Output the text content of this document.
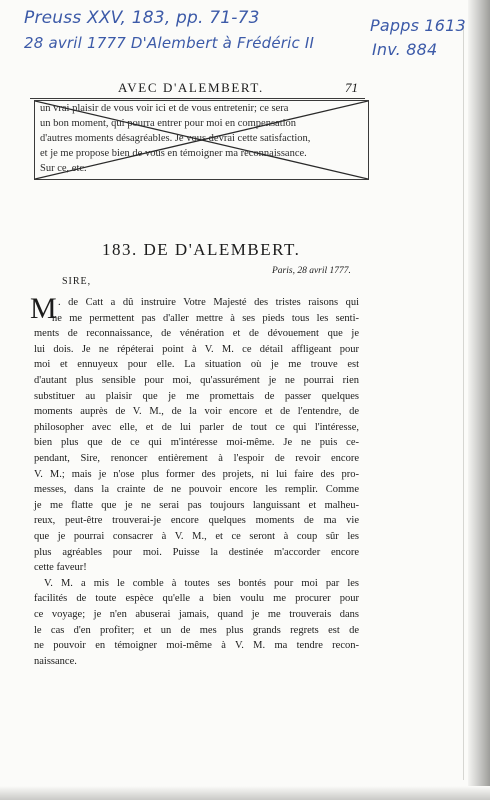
Preuss XXV, 183, pp. 71-73
28 avril 1777 D'Alembert à Frédéric II
Papps 1613
Inv. 884
AVEC D'ALEMBERT.	71
un vrai plaisir de vous voir ici et de vous entretenir; ce sera
un bon moment, qui pourra entrer pour moi en compensation
d'autres moments désagréables. Je vous devrai cette satisfaction,
et je me propose bien de vous en témoigner ma reconnaissance.
Sur ce, etc.
183. DE D'ALEMBERT.
Paris, 28 avril 1777.
SIRE,
M . de Catt a dû instruire Votre Majesté des tristes raisons qui
ne me permettent pas d'aller mettre à ses pieds tous les senti-
ments de reconnaissance, de vénération et de dévouement que je
lui dois. Je ne répéterai point à V. M. ce détail affligeant pour
moi et ennuyeux pour elle. La situation où je me trouve est
d'autant plus sensible pour moi, qu'assurément je ne pourrai rien
substituer au plaisir que je me promettais de passer quelques
moments auprès de V. M., de la voir encore et de l'entendre, de
philosopher avec elle, et de lui parler de tout ce qui l'intéresse,
bien plus que de ce qui m'intéresse moi-même. Je ne puis ce-
pendant, Sire, renoncer entièrement à l'espoir de revoir encore
V. M.; mais je n'ose plus former des projets, ni lui faire des pro-
messes, dans la crainte de ne pouvoir encore les remplir. Comme
je me flatte que je ne serai pas toujours languissant et malheu-
reux, peut-être trouverai-je encore quelques moments de ma vie
que je pourrai consacrer à V. M., et ce seront à coup sûr les
plus agréables pour moi. Puisse la destinée m'accorder encore
cette faveur!
V. M. a mis le comble à toutes ses bontés pour moi par les
facilités de toute espèce qu'elle a bien voulu me procurer pour
ce voyage; je n'en abuserai jamais, quand je me trouverais dans
le cas d'en profiter; et un de mes plus grands regrets est de
ne pouvoir en témoigner moi-même à V. M. ma tendre recon-
naissance.
